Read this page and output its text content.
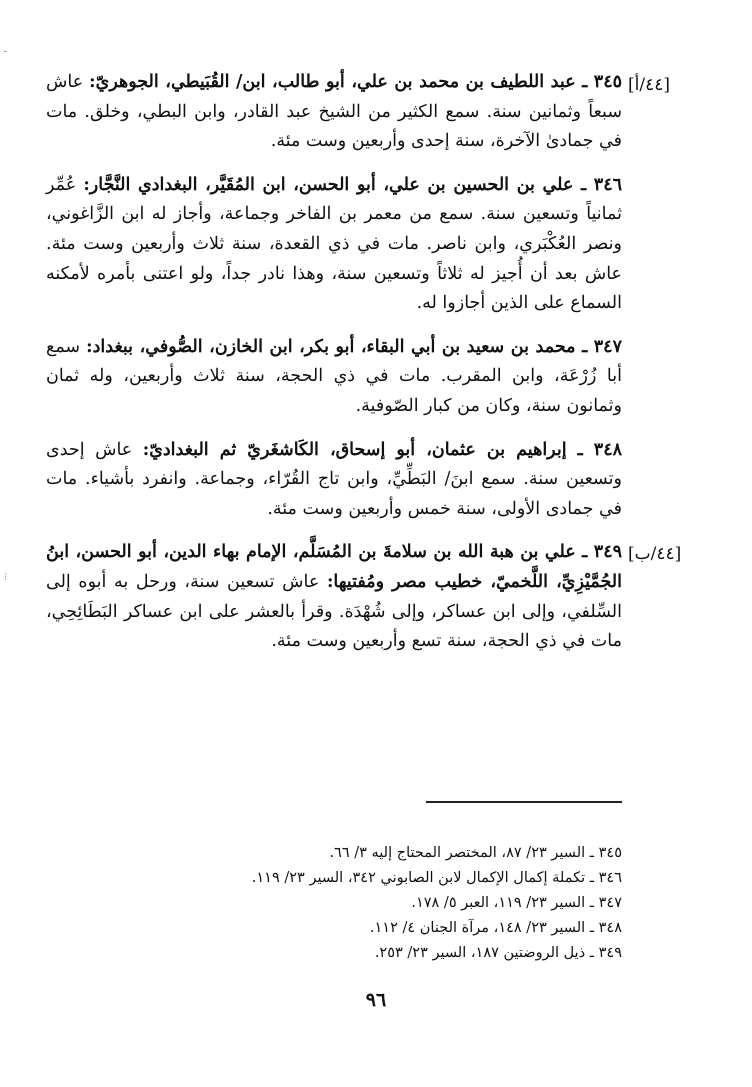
ـ
⁝
[٤٤/أ]
[٤٤/ب]

٣٤٥ ـ عبد اللطيف بن محمد بن علي، أبو طالب، ابن/ القُبَيطي، الجوهريّ: عاش سبعاً وثمانين سنة. سمع الكثير من الشيخ عبد القادر، وابن البطي، وخلق. مات في جمادىٰ الآخرة، سنة إحدى وأربعين وست مئة.

٣٤٦ ـ علي بن الحسين بن علي، أبو الحسن، ابن المُقَيَّر، البغدادي النَّجَّار: عُمِّر ثمانياً وتسعين سنة. سمع من معمر بن الفاخر وجماعة، وأجاز له ابن الزَّاغوني، ونصر العُكْبَري، وابن ناصر. مات في ذي القعدة، سنة ثلاث وأربعين وست مئة. عاش بعد أن أُجيز له ثلاثاً وتسعين سنة، وهذا نادر جداً، ولو اعتنى بأمره لأمكنه السماع على الذين أجازوا له.

٣٤٧ ـ محمد بن سعيد بن أبي البقاء، أبو بكر، ابن الخازن، الصُّوفي، ببغداد: سمع أبا زُرْعَة، وابن المقرب. مات في ذي الحجة، سنة ثلاث وأربعين، وله ثمان وثمانون سنة، وكان من كبار الصّوفية.

٣٤٨ ـ إبراهيم بن عثمان، أبو إسحاق، الكَاشغَريّ ثم البغداديّ: عاش إحدى وتسعين سنة. سمع ابنَ/ البَطِّيِّ، وابن تاج القُرّاء، وجماعة. وانفرد بأشياء. مات في جمادى الأولى، سنة خمس وأربعين وست مئة.

٣٤٩ ـ علي بن هبة الله بن سلامةَ بن المُسَلَّم، الإمام بهاء الدين، أبو الحسن، ابنُ الجُمَّيْزِيِّ، اللَّخميّ، خطيب مصر ومُفتيها: عاش تسعين سنة، ورحل به أبوه إلى السِّلفي، وإلى ابن عساكر، وإلى شُهْدَة. وقرأ بالعشر على ابن عساكر البَطَائِحِي، مات في ذي الحجة، سنة تسع وأربعين وست مئة.

٣٤٥ ـ السير ٢٣/ ٨٧، المختصر المحتاج إليه ٣/ ٦٦.
٣٤٦ ـ تكملة إكمال الإكمال لابن الصابوني ٣٤٢، السير ٢٣/ ١١٩.
٣٤٧ ـ السير ٢٣/ ١١٩، العبر ٥/ ١٧٨.
٣٤٨ ـ السير ٢٣/ ١٤٨، مرآة الجنان ٤/ ١١٢.
٣٤٩ ـ ذيل الروضتين ١٨٧، السير ٢٣/ ٢٥٣.
٩٦
